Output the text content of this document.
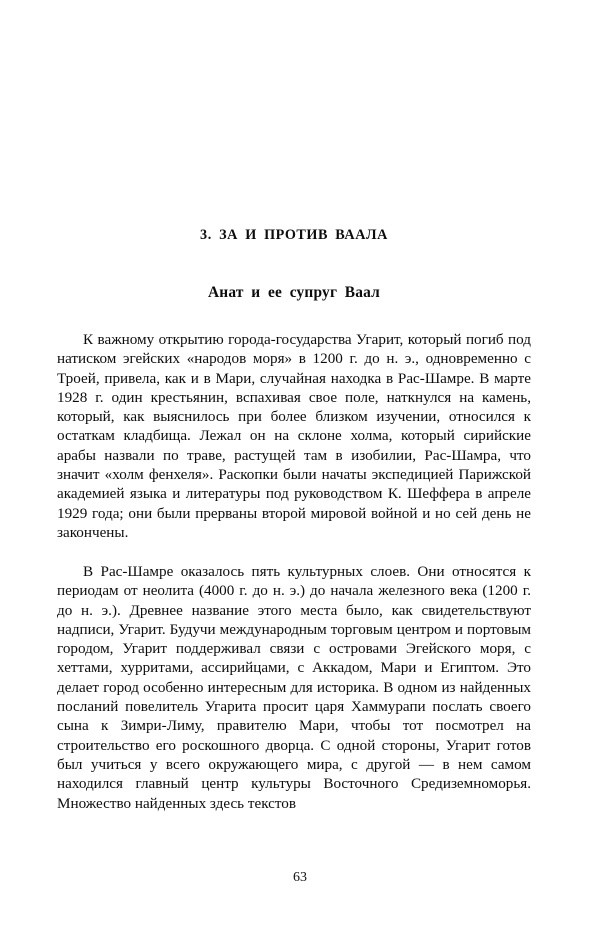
3. ЗА И ПРОТИВ ВААЛА
Анат и ее супруг Ваал

К важному открытию города-государства Угарит, который погиб под натиском эгейских «народов моря» в 1200 г. до н. э., одновременно с Троей, привела, как и в Мари, случайная находка в Рас-Шамре. В марте 1928 г. один крестьянин, вспахивая свое поле, наткнулся на камень, который, как выяснилось при более близком изучении, относился к остаткам кладбища. Лежал он на склоне холма, который сирийские арабы назвали по траве, растущей там в изобилии, Рас-Шамра, что значит «холм фенхеля». Раскопки были начаты экспедицией Парижской академией языка и литературы под руководством К. Шеффера в апреле 1929 года; они были прерваны второй мировой войной и но сей день не закончены.

В Рас-Шамре оказалось пять культурных слоев. Они относятся к периодам от неолита (4000 г. до н. э.) до начала железного века (1200 г. до н. э.). Древнее название этого места было, как свидетельствуют надписи, Угарит. Будучи международным торговым центром и портовым городом, Угарит поддерживал связи с островами Эгейского моря, с хеттами, хурритами, ассирийцами, с Аккадом, Мари и Египтом. Это делает город особенно интересным для историка. В одном из найденных посланий повелитель Угарита просит царя Хаммурапи послать своего сына к Зимри-Лиму, правителю Мари, чтобы тот посмотрел на строительство его роскошного дворца. С одной стороны, Угарит готов был учиться у всего окружающего мира, с другой — в нем самом находился главный центр культуры Восточного Средиземноморья. Множество найденных здесь текстов

63
